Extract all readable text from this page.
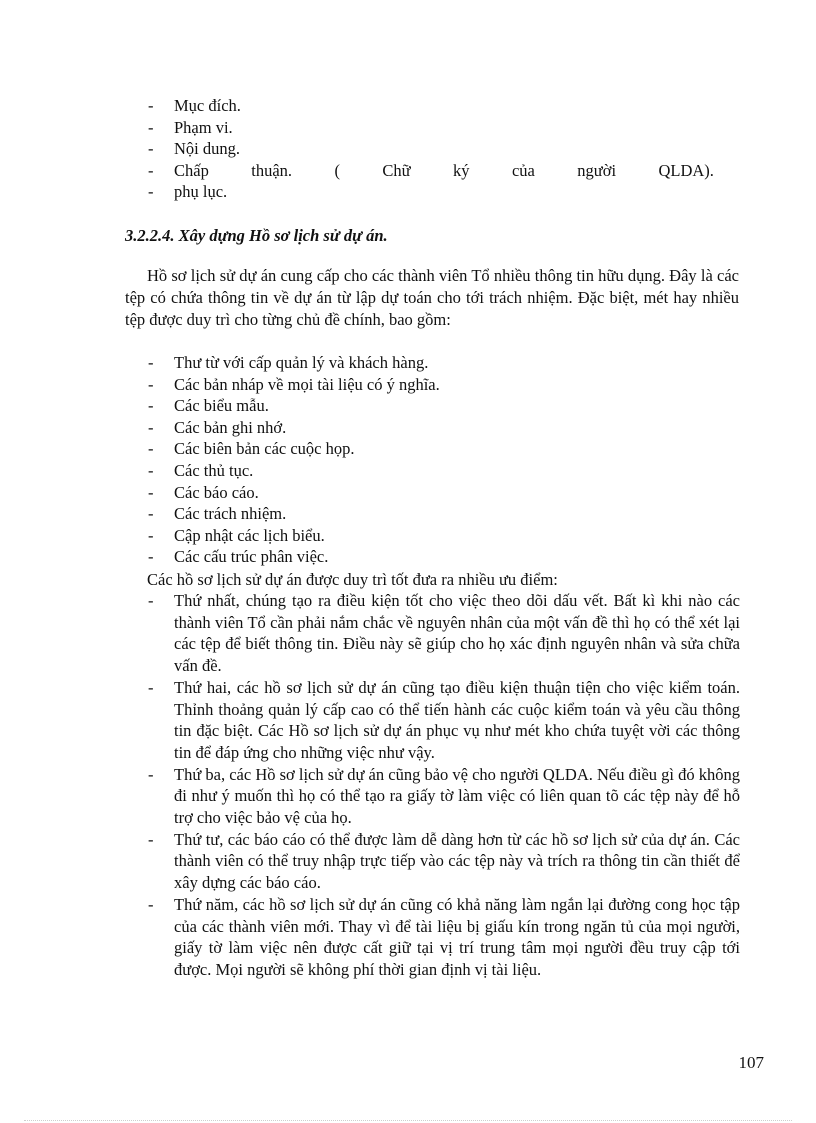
- Mục đích.
- Phạm vi.
- Nội dung.
- Chấp	thuận.	(	Chữ	ký	của	người	QLDA).
- phụ lục.
3.2.2.4. Xây dựng Hồ sơ lịch sử dự án.

Hồ sơ lịch sử dự án cung cấp cho các thành viên Tổ nhiều thông tin hữu dụng. Đây là các tệp có chứa thông tin về dự án từ lập dự toán cho tới trách nhiệm. Đặc biệt, mét hay nhiều tệp được duy trì cho từng chủ đề chính, bao gồm:

- Thư từ với cấp quản lý và khách hàng.
- Các bản nháp về mọi tài liệu có ý nghĩa.
- Các biểu mẫu.
- Các bản ghi nhớ.
- Các biên bản các cuộc họp.
- Các thủ tục.
- Các báo cáo.
- Các trách nhiệm.
- Cập nhật các lịch biểu.
- Các cấu trúc phân việc.

Các hồ sơ lịch sử dự án được duy trì tốt đưa ra nhiều ưu điểm:

- Thứ nhất, chúng tạo ra điều kiện tốt cho việc theo dõi dấu vết. Bất kì khi nào các thành viên Tổ cần phải nắm chắc về nguyên nhân của một vấn đề thì họ có thể xét lại các tệp để biết thông tin. Điều này sẽ giúp cho họ xác định nguyên nhân và sửa chữa vấn đề.
- Thứ hai, các hồ sơ lịch sử dự án cũng tạo điều kiện thuận tiện cho việc kiểm toán. Thỉnh thoảng quản lý cấp cao có thể tiến hành các cuộc kiểm toán và yêu cầu thông tin đặc biệt. Các Hồ sơ lịch sử dự án phục vụ như mét kho chứa tuyệt vời các thông tin để đáp ứng cho những việc như vậy.
- Thứ ba, các Hồ sơ lịch sử dự án cũng bảo vệ cho người QLDA. Nếu điều gì đó không đi như ý muốn thì họ có thể tạo ra giấy tờ làm việc có liên quan tõ các tệp này để hỗ trợ cho việc bảo vệ của họ.
- Thứ tư, các báo cáo có thể được làm dễ dàng hơn từ các hồ sơ lịch sử của dự án. Các thành viên có thể truy nhập trực tiếp vào các tệp này và trích ra thông tin cần thiết để xây dựng các báo cáo.
- Thứ năm, các hồ sơ lịch sử dự án cũng có khả năng làm ngắn lại đường cong học tập của các thành viên mới. Thay vì để tài liệu bị giấu kín trong ngăn tủ của mọi người, giấy tờ làm việc nên được cất giữ tại vị trí trung tâm mọi người đều truy cập tới được. Mọi người sẽ không phí thời gian định vị tài liệu.
107
